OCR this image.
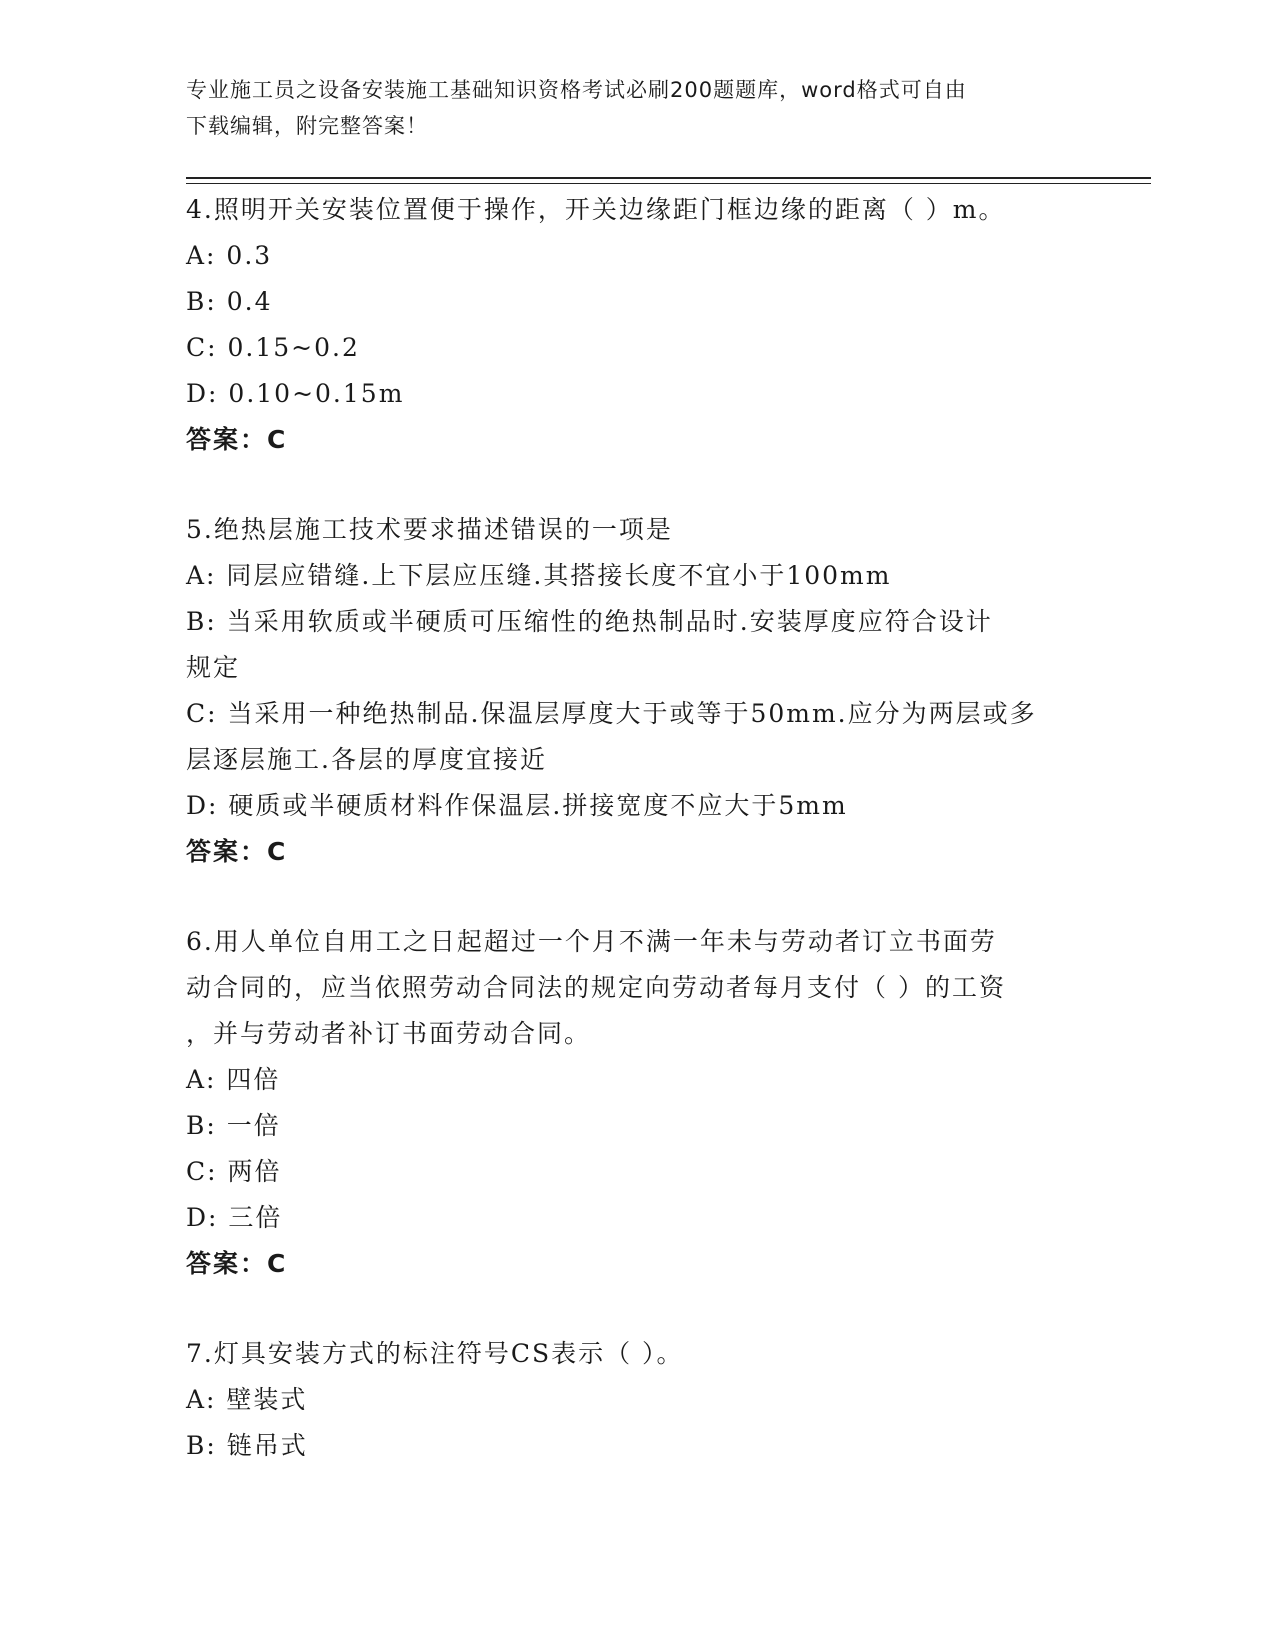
专业施工员之设备安装施工基础知识资格考试必刷200题题库，word格式可自由
下载编辑，附完整答案！
4.照明开关安装位置便于操作，开关边缘距门框边缘的距离（ ）m。
A: 0.3
B: 0.4
C: 0.15~0.2
D: 0.10~0.15m
答案：C
5.绝热层施工技术要求描述错误的一项是
A: 同层应错缝.上下层应压缝.其搭接长度不宜小于100mm
B: 当采用软质或半硬质可压缩性的绝热制品时.安装厚度应符合设计
规定
C: 当采用一种绝热制品.保温层厚度大于或等于50mm.应分为两层或多
层逐层施工.各层的厚度宜接近
D: 硬质或半硬质材料作保温层.拼接宽度不应大于5mm
答案：C
6.用人单位自用工之日起超过一个月不满一年未与劳动者订立书面劳
动合同的，应当依照劳动合同法的规定向劳动者每月支付（ ）的工资
，并与劳动者补订书面劳动合同。
A: 四倍
B: 一倍
C: 两倍
D: 三倍
答案：C
7.灯具安装方式的标注符号CS表示（ ）。
A: 壁装式
B: 链吊式
